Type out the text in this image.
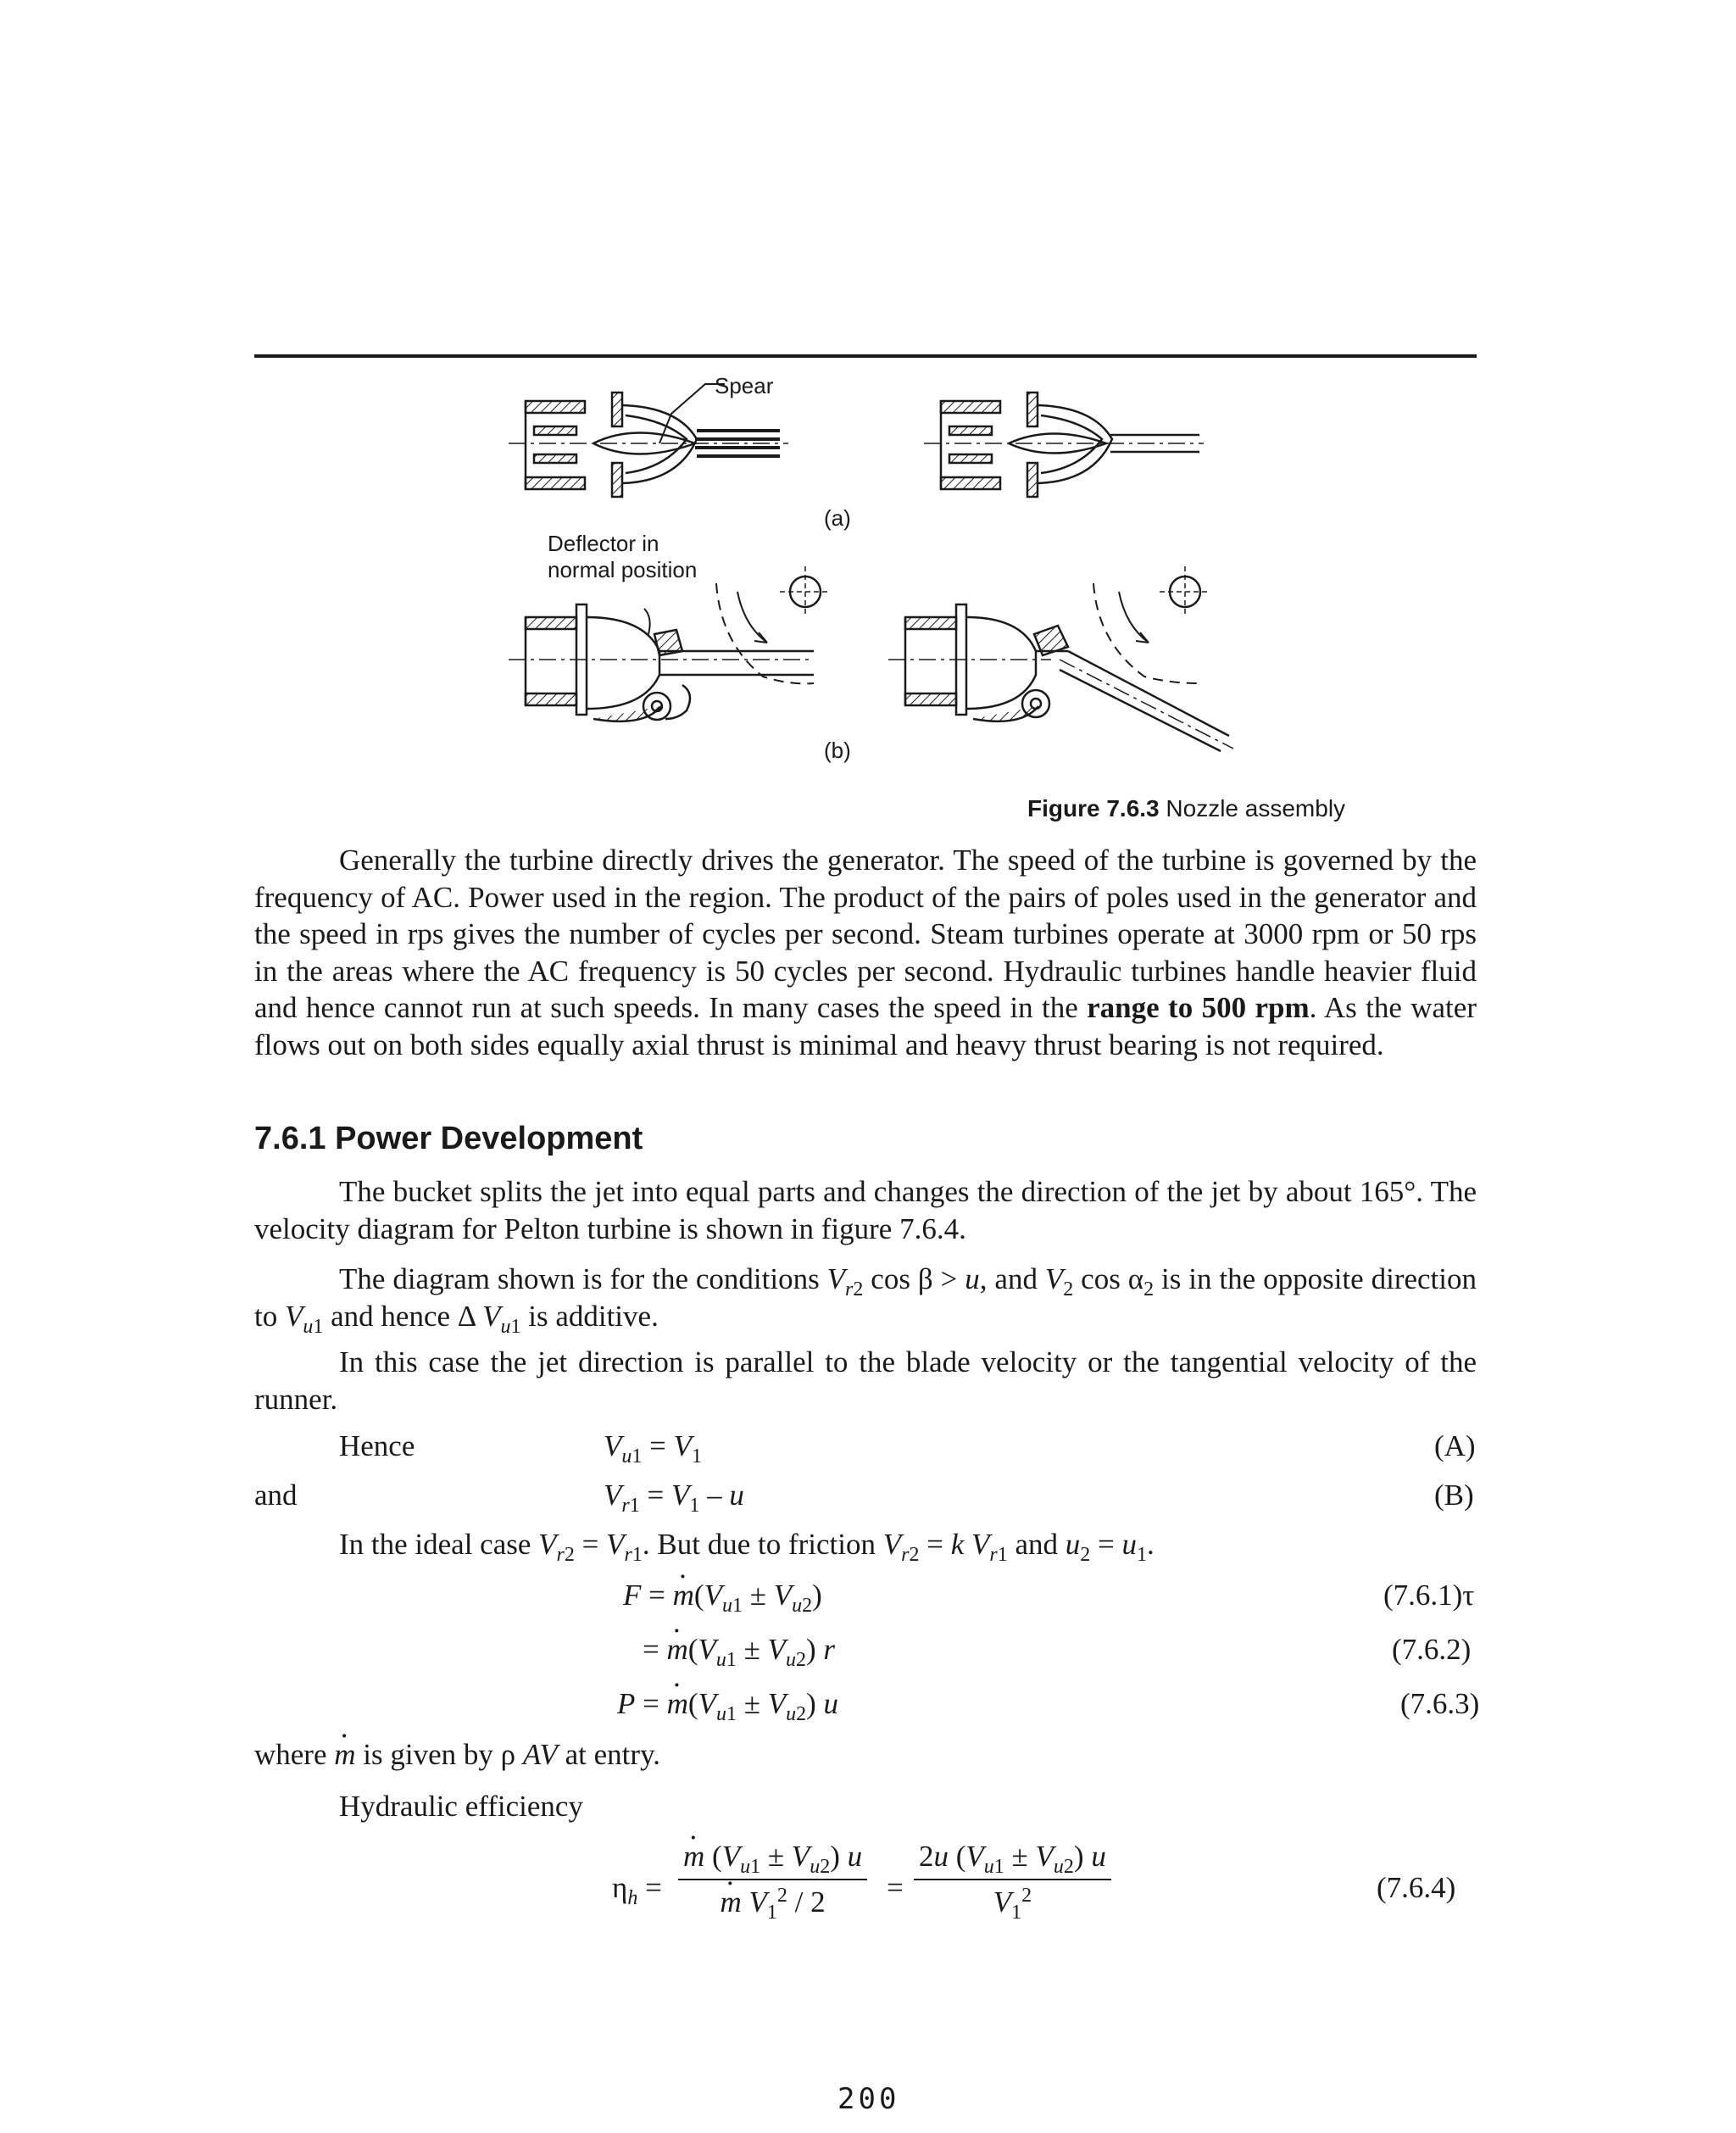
Spear
(a)
Deflector in
normal position
(b)
Figure 7.6.3 Nozzle assembly

Generally the turbine directly drives the generator. The speed of the turbine is governed by the frequency of AC. Power used in the region. The product of the pairs of poles used in the generator and the speed in rps gives the number of cycles per second. Steam turbines operate at 3000 rpm or 50 rps in the areas where the AC frequency is 50 cycles per second. Hydraulic turbines handle heavier fluid and hence cannot run at such speeds. In many cases the speed in the range to 500 rpm. As the water flows out on both sides equally axial thrust is minimal and heavy thrust bearing is not required.

7.6.1 Power Development

The bucket splits the jet into equal parts and changes the direction of the jet by about 165°. The velocity diagram for Pelton turbine is shown in figure 7.6.4.

The diagram shown is for the conditions $V_{r2}$ cos β > u, and $V_2$ $\cos \alpha_2$ is in the opposite direction to $V_{u1}$ and hence Δ $V_{u1}$ is additive.

In this case the jet direction is parallel to the blade velocity or the tangential velocity of the runner.

Hence	$V_{u1} = V_1$	(A)
and	$V_{r1} = V_1 - u$	(B)
In the ideal case $V_{r2} = V_{r1}$. But due to friction $V_{r2} = k$ $V_{r1}$ and $u_2 = u_1$.
F = · $m(V_{u1} \pm V_{u2})$	(7.6.1)τ
= · $m(V_{u1} \pm V_{u2})$ r	(7.6.2)
P = · $m(V_{u1} \pm V_{u2})$ u	(7.6.3)
where · m is given by ρ AV at entry.
Hydraulic efficiency
$\eta_h$ = · m $(V_{u1} \pm V_{u2})$ u
· m $V_1^2 / 2 = \frac{2u (V_{u1} \pm V_{u2}) u}{V_1^2}$	(7.6.4)
200
